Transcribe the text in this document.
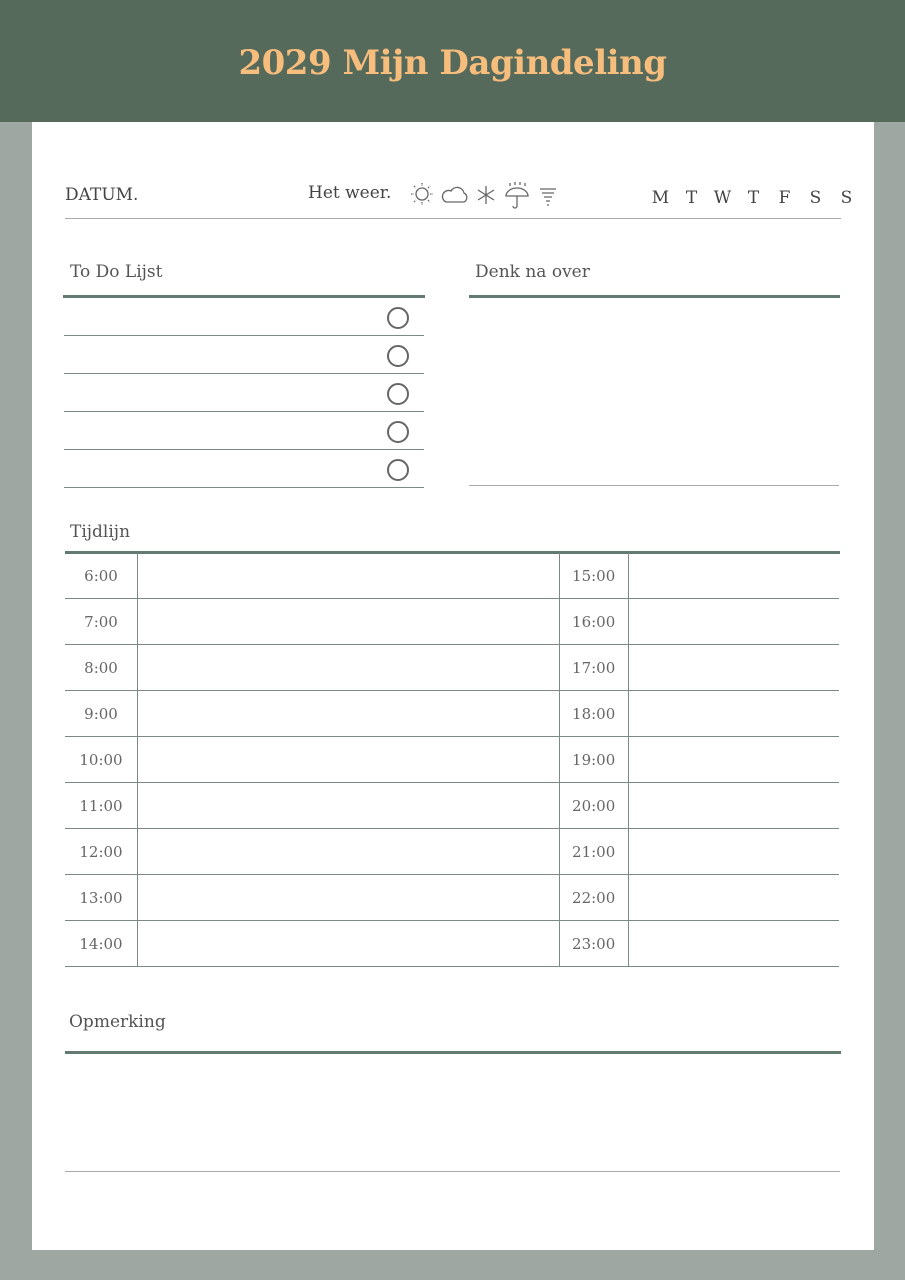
2029 Mijn Dagindeling
DATUM.	Het weer.	M T W T F S S
To Do Lijst	Denk na over
Tijdlijn
6:00		15:00	
7:00		16:00	
8:00		17:00	
9:00		18:00	
10:00		19:00	
11:00		20:00	
12:00		21:00	
13:00		22:00	
14:00		23:00	
Opmerking
